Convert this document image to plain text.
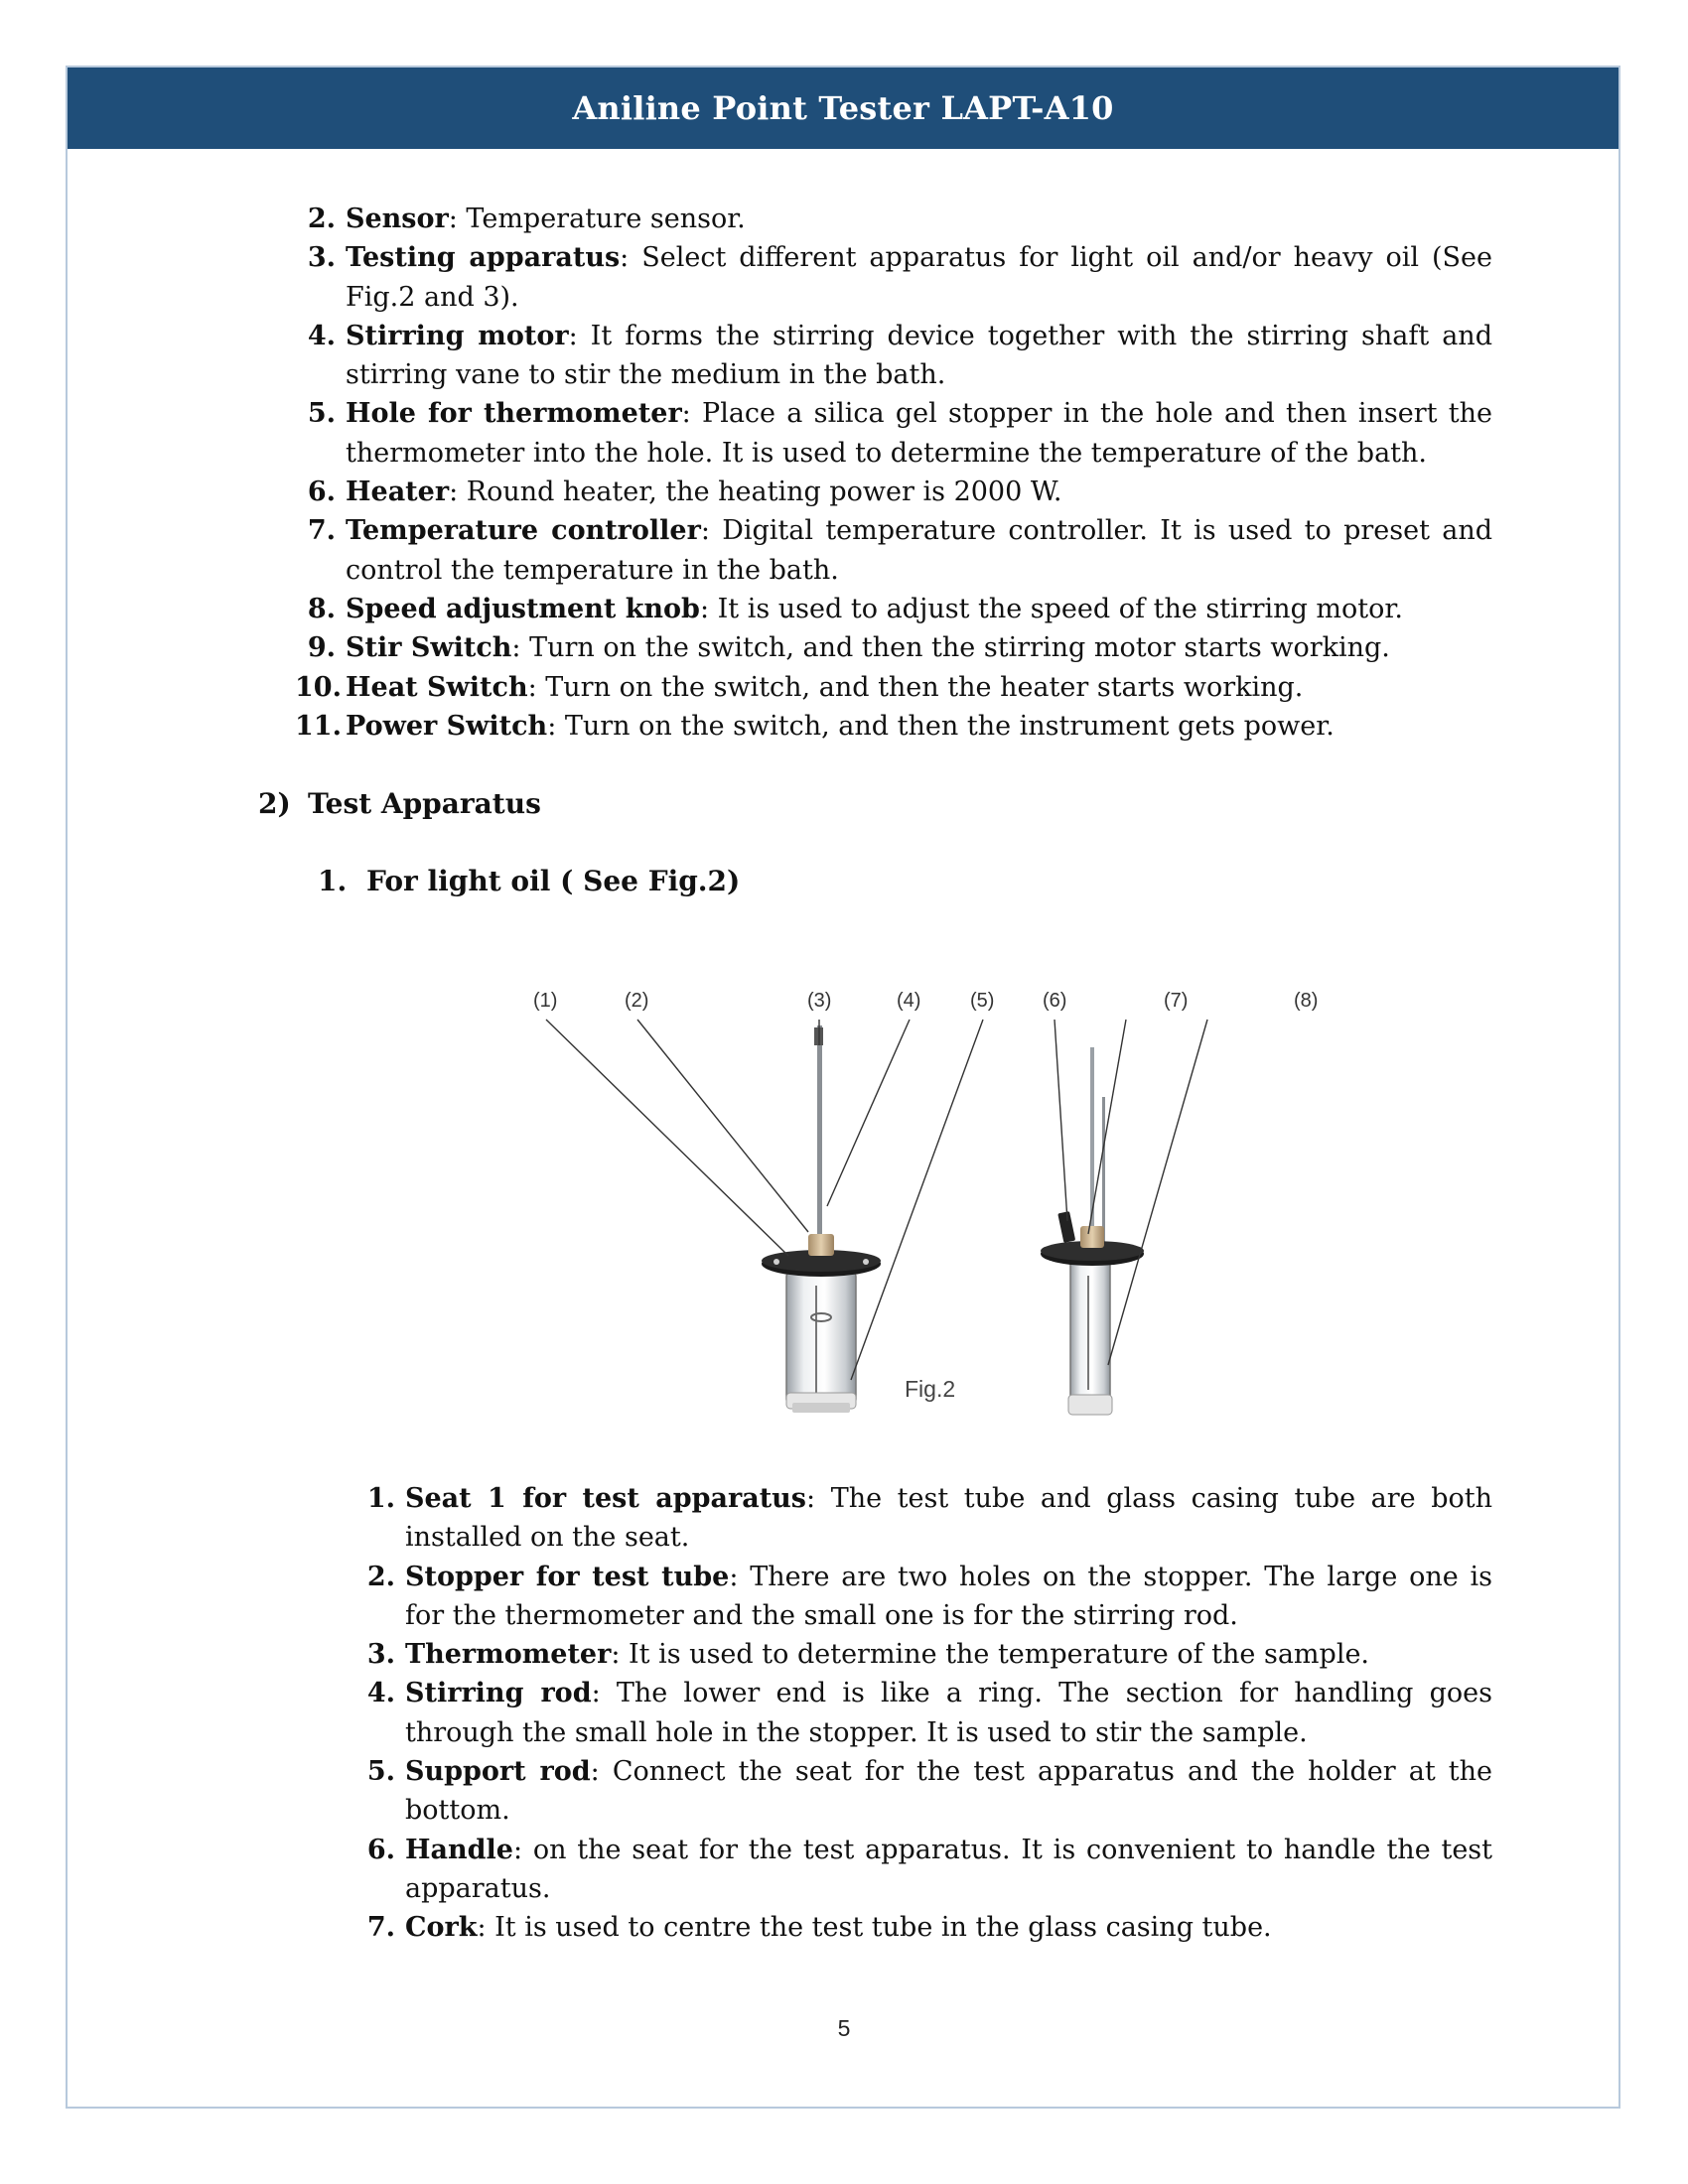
Aniline Point Tester LAPT-A10
2. Sensor: Temperature sensor.
3. Testing apparatus: Select different apparatus for light oil and/or heavy oil (See Fig.2 and 3).
4. Stirring motor: It forms the stirring device together with the stirring shaft and stirring vane to stir the medium in the bath.
5. Hole for thermometer: Place a silica gel stopper in the hole and then insert the thermometer into the hole. It is used to determine the temperature of the bath.
6. Heater: Round heater, the heating power is 2000 W.
7. Temperature controller: Digital temperature controller. It is used to preset and control the temperature in the bath.
8. Speed adjustment knob: It is used to adjust the speed of the stirring motor.
9. Stir Switch: Turn on the switch, and then the stirring motor starts working.
10. Heat Switch: Turn on the switch, and then the heater starts working.
11. Power Switch: Turn on the switch, and then the instrument gets power.
2) Test Apparatus
1. For light oil ( See Fig.2)
(1)	(2)	(3)	(4) (5) (6)	(7)	(8)
Fig.2
1. Seat 1 for test apparatus: The test tube and glass casing tube are both installed on the seat.
2. Stopper for test tube: There are two holes on the stopper. The large one is for the thermometer and the small one is for the stirring rod.
3. Thermometer: It is used to determine the temperature of the sample.
4. Stirring rod: The lower end is like a ring. The section for handling goes through the small hole in the stopper. It is used to stir the sample.
5. Support rod: Connect the seat for the test apparatus and the holder at the bottom.
6. Handle: on the seat for the test apparatus. It is convenient to handle the test apparatus.
7. Cork: It is used to centre the test tube in the glass casing tube.
5
